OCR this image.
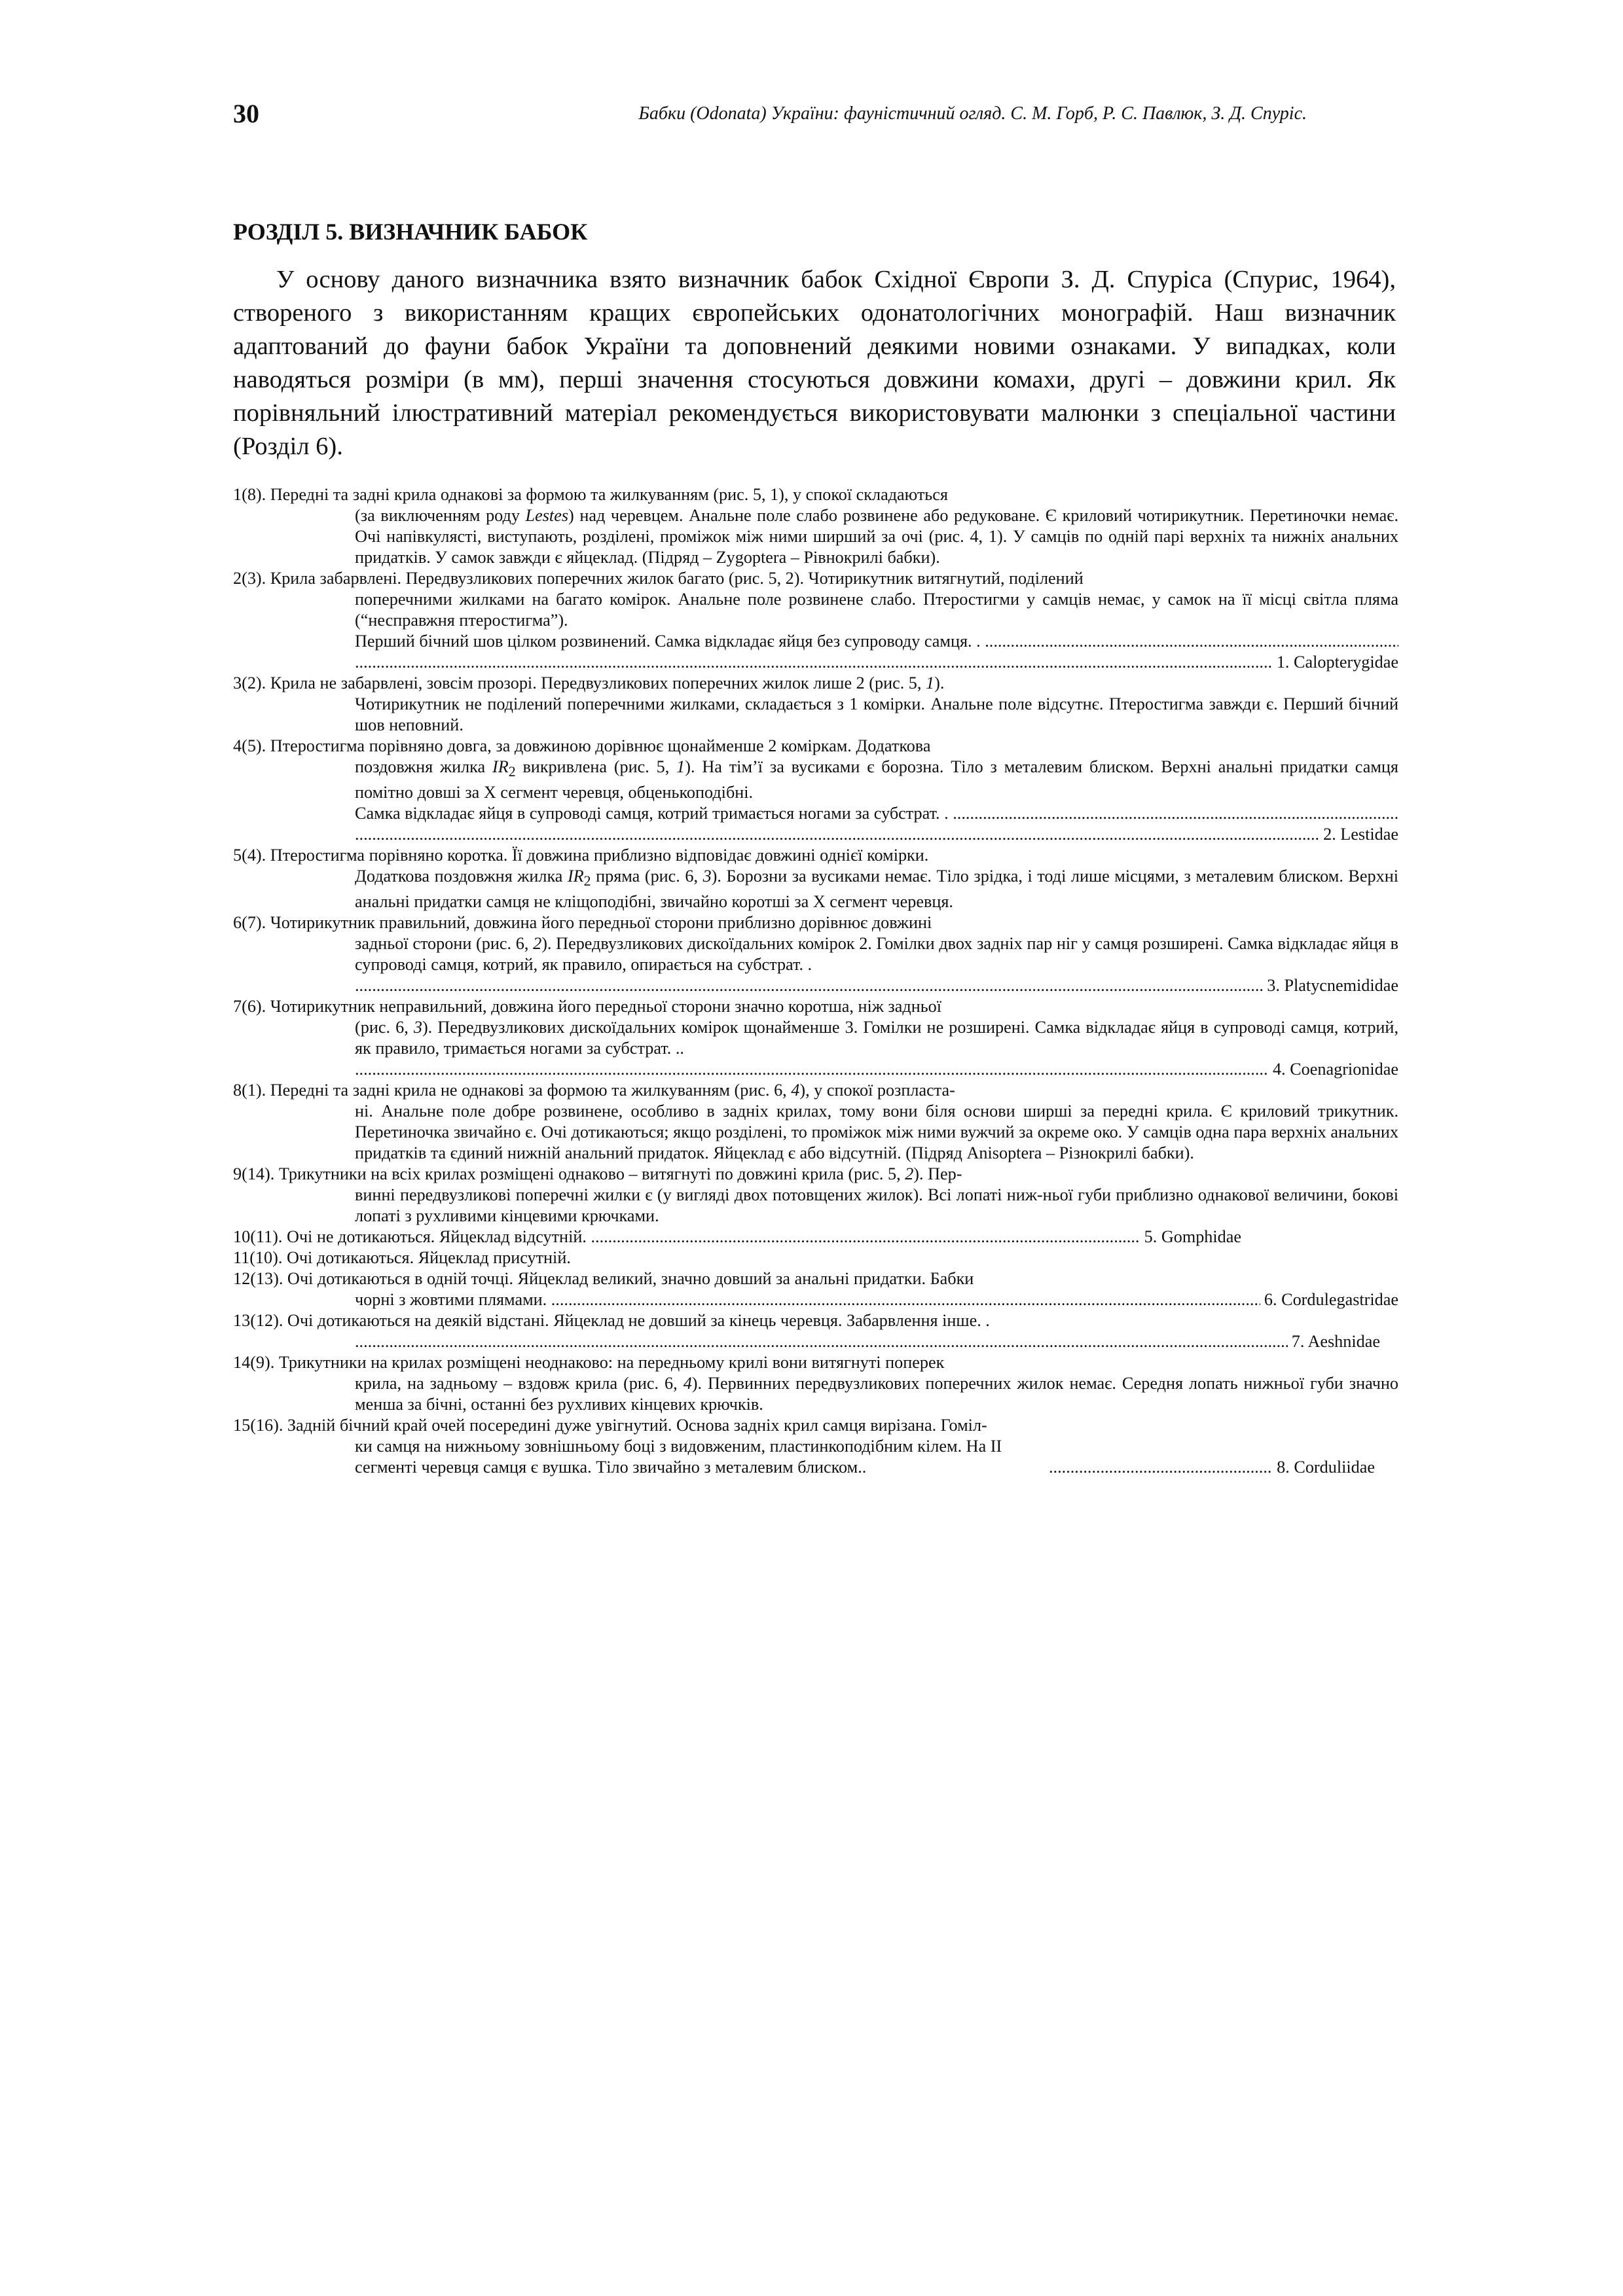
30	Бабки (Odonata) України: фауністичний огляд. С. М. Горб, Р. С. Павлюк, З. Д. Спуріс.
РОЗДІЛ 5. ВИЗНАЧНИК БАБОК

У основу даного визначника взято визначник бабок Східної Європи З. Д. Спуріса (Спурис, 1964), створеного з використанням кращих європейських одонатологічних монографій. Наш визначник адаптований до фауни бабок України та доповнений деякими новими ознаками. У випадках, коли наводяться розміри (в мм), перші значення стосуються довжини комахи, другі – довжини крил. Як порівняльний ілюстративний матеріал рекомендується використовувати малюнки з спеціальної частини (Розділ 6).

1(8). Передні та задні крила однакові за формою та жилкуванням (рис. 5, 1), у спокої складаються
(за виключенням роду Lestes) над черевцем. Анальне поле слабо розвинене або редуковане. Є криловий чотирикутник. Перетиночки немає. Очі напівкулясті, виступають, розділені, проміжок між ними ширший за очі (рис. 4, 1). У самців по одній парі верхніх та нижніх анальних придатків. У самок завжди є яйцеклад. (Підряд – Zygoptera – Рівнокрилі бабки).
2(3). Крила забарвлені. Передвузликових поперечних жилок багато (рис. 5, 2). Чотирикутник витягнутий, поділений
поперечними жилками на багато комірок. Анальне поле розвинене слабо. Птеростигми у самців немає, у самок на її місці світла пляма (“несправжня птеростигма”).
Перший бічний шов цілком розвинений. Самка відкладає яйця без супроводу самця. . .....
.....
1. Calopterygidae
3(2). Крила не забарвлені, зовсім прозорі. Передвузликових поперечних жилок лише 2 (рис. 5, 1).
Чотирикутник не поділений поперечними жилками, складається з 1 комірки. Анальне поле відсутнє. Птеростигма завжди є. Перший бічний шов неповний.
4(5). Птеростигма порівняно довга, за довжиною дорівнює щонайменше 2 коміркам. Додаткова
поздовжня жилка $IR_2$ викривлена (рис. 5, 1). На тім’ї за вусиками є борозна. Тіло з металевим блиском. Верхні анальні придатки самця помітно довші за Х сегмент черевця, обценькоподібні.
Самка відкладає яйця в супроводі самця, котрий тримається ногами за субстрат. . .....
.....
2. Lestidae
5(4). Птеростигма порівняно коротка. Її довжина приблизно відповідає довжині однієї комірки.
Додаткова поздовжня жилка $IR_2$ пряма (рис. 6, 3). Борозни за вусиками немає. Тіло зрідка, і тоді лише місцями, з металевим блиском. Верхні анальні придатки самця не кліщоподібні, звичайно коротші за Х сегмент черевця.
6(7). Чотирикутник правильний, довжина його передньої сторони приблизно дорівнює довжині
задньої сторони (рис. 6, 2). Передвузликових дискоїдальних комірок 2. Гомілки двох задніх пар ніг у самця розширені. Самка відкладає яйця в супроводі самця, котрий, як правило, опирається на субстрат. .
.....
3. Platycnemididae
7(6). Чотирикутник неправильний, довжина його передньої сторони значно коротша, ніж задньої
(рис. 6, 3). Передвузликових дискоїдальних комірок щонайменше 3. Гомілки не розширені. Самка відкладає яйця в супроводі самця, котрий, як правило, тримається ногами за субстрат. ..
.....
4. Coenagrionidae
8(1). Передні та задні крила не однакові за формою та жилкуванням (рис. 6, 4), у спокої розпласта-
ні. Анальне поле добре розвинене, особливо в задніх крилах, тому вони біля основи ширші за передні крила. Є криловий трикутник. Перетиночка звичайно є. Очі дотикаються; якщо розділені, то проміжок між ними вужчий за окреме око. У самців одна пара верхніх анальних придатків та єдиний нижній анальний придаток. Яйцеклад є або відсутній. (Підряд Anisoptera – Різнокрилі бабки).
9(14). Трикутники на всіх крилах розміщені однаково – витягнуті по довжині крила (рис. 5, 2). Пер-
винні передвузликові поперечні жилки є (у вигляді двох потовщених жилок). Всі лопаті ниж-ньої губи приблизно однакової величини, бокові лопаті з рухливими кінцевими крючками.
10(11). Очі не дотикаються. Яйцеклад відсутній. . .....	5. Gomphidae
11(10). Очі дотикаються. Яйцеклад присутній.
12(13). Очі дотикаються в одній точці. Яйцеклад великий, значно довший за анальні придатки. Бабки
чорні з жовтими плямами. . .....	6. Cordulegastridae
13(12). Очі дотикаються на деякій відстані. Яйцеклад не довший за кінець черевця. Забарвлення інше. .
.....
7. Aeshnidae
14(9). Трикутники на крилах розміщені неоднаково: на передньому крилі вони витягнуті поперек
крила, на задньому – вздовж крила (рис. 6, 4). Первинних передвузликових поперечних жилок немає. Середня лопать нижньої губи значно менша за бічні, останні без рухливих кінцевих крючків.
15(16). Задній бічний край очей посередині дуже увігнутий. Основа задніх крил самця вирізана. Гоміл-
ки самця на нижньому зовнішньому боці з видовженим, пластинкоподібним кілем. На II сегменті черевця самця є вушка. Тіло звичайно з металевим блиском.. .....	8. Corduliidae
